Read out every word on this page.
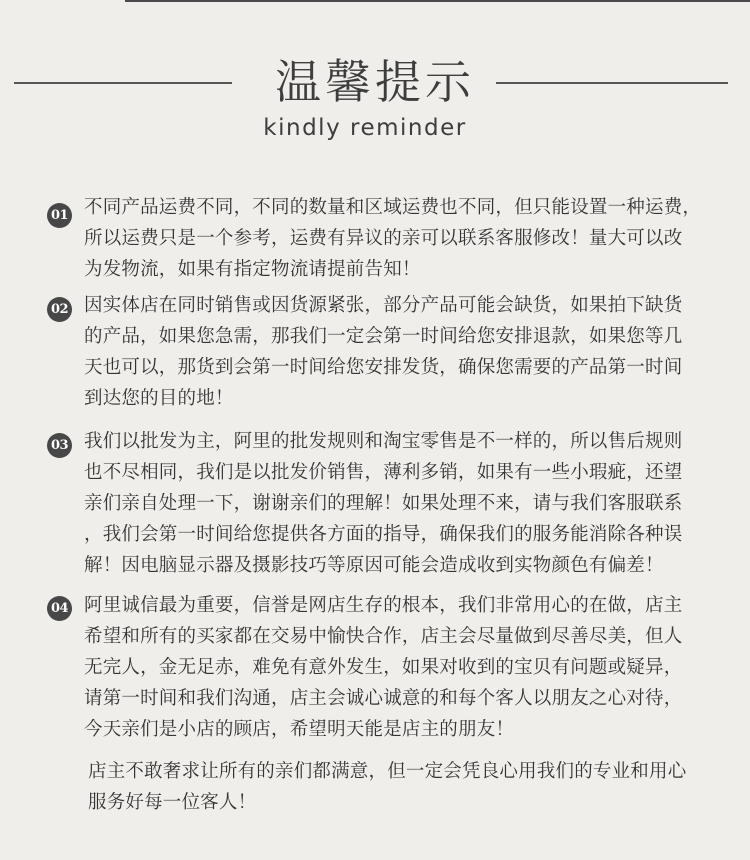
温馨提示
kindly reminder
01 不同产品运费不同，不同的数量和区域运费也不同，但只能设置一种运费，
所以运费只是一个参考，运费有异议的亲可以联系客服修改！量大可以改
为发物流，如果有指定物流请提前告知！

02 因实体店在同时销售或因货源紧张，部分产品可能会缺货，如果拍下缺货
的产品，如果您急需，那我们一定会第一时间给您安排退款，如果您等几
天也可以，那货到会第一时间给您安排发货，确保您需要的产品第一时间
到达您的目的地！

03 我们以批发为主，阿里的批发规则和淘宝零售是不一样的，所以售后规则
也不尽相同，我们是以批发价销售，薄利多销，如果有一些小瑕疵，还望
亲们亲自处理一下，谢谢亲们的理解！如果处理不来，请与我们客服联系
，我们会第一时间给您提供各方面的指导，确保我们的服务能消除各种误
解！因电脑显示器及摄影技巧等原因可能会造成收到实物颜色有偏差！

04 阿里诚信最为重要，信誉是网店生存的根本，我们非常用心的在做，店主
希望和所有的买家都在交易中愉快合作，店主会尽量做到尽善尽美，但人
无完人，金无足赤，难免有意外发生，如果对收到的宝贝有问题或疑异，
请第一时间和我们沟通，店主会诚心诚意的和每个客人以朋友之心对待，
今天亲们是小店的顾店，希望明天能是店主的朋友！

店主不敢奢求让所有的亲们都满意，但一定会凭良心用我们的专业和用心
服务好每一位客人！
